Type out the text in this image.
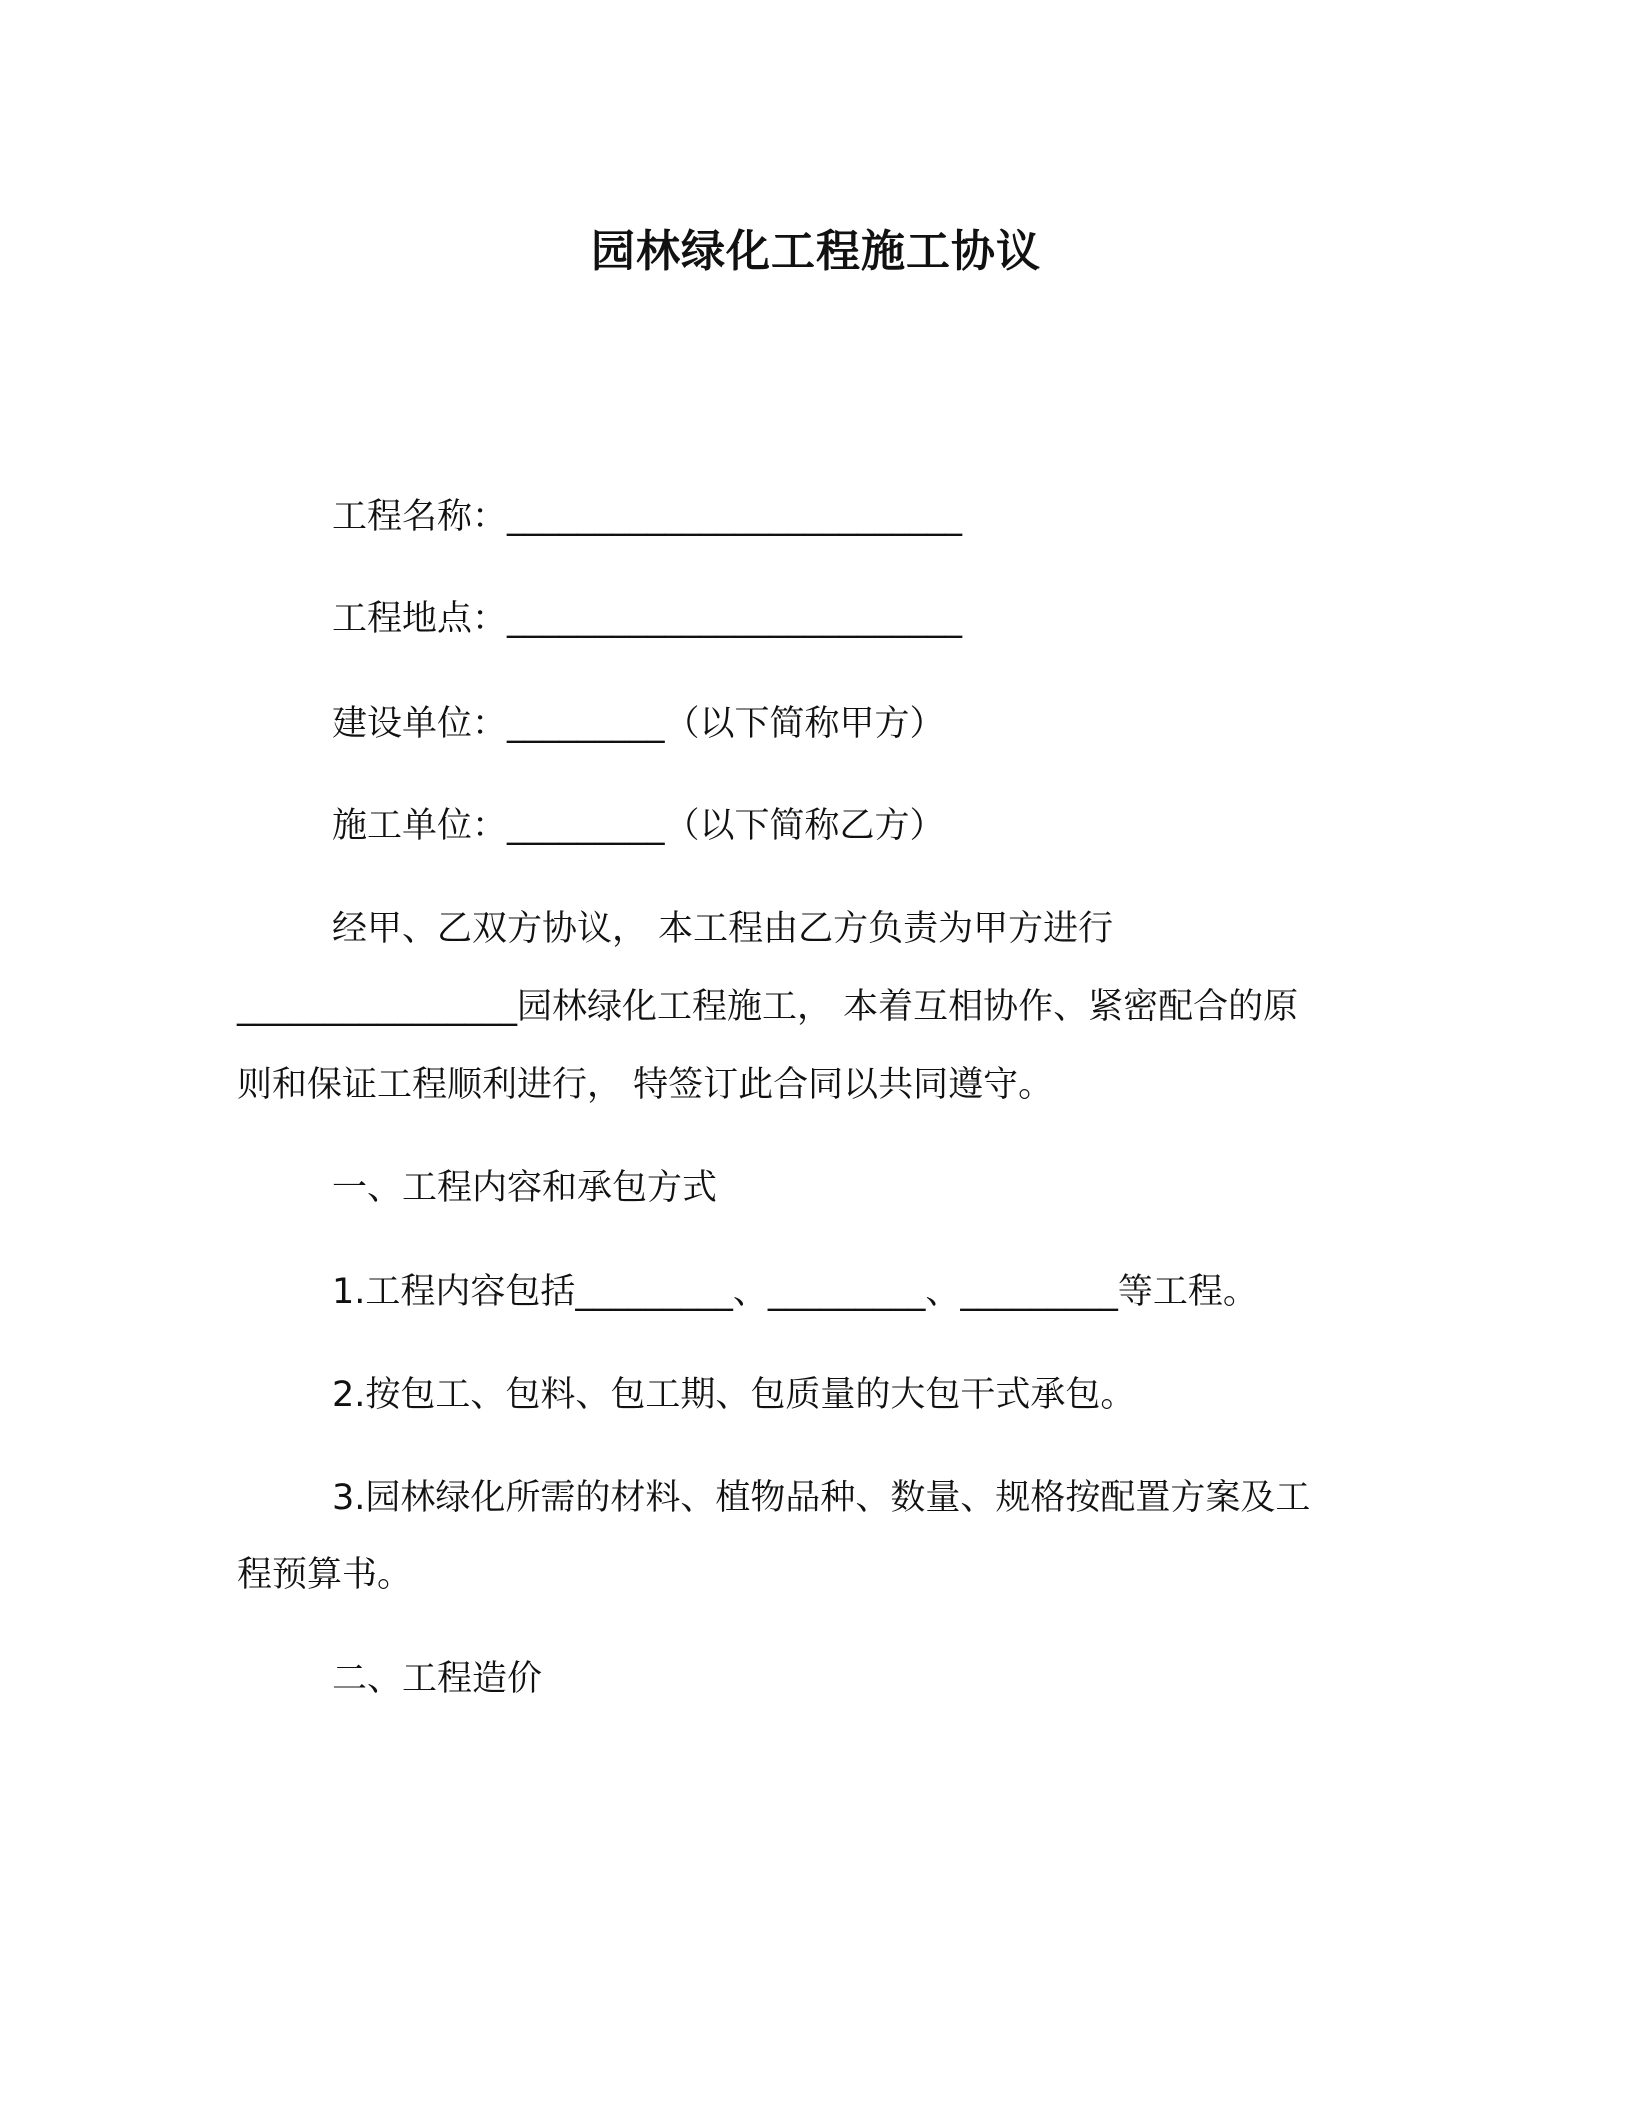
园林绿化工程施工协议
工程名称：__________________________
工程地点：__________________________
建设单位：_________（以下简称甲方）
施工单位：_________（以下简称乙方）
经甲、乙双方协议， 本工程由乙方负责为甲方进行
________________园林绿化工程施工， 本着互相协作、紧密配合的原
则和保证工程顺利进行， 特签订此合同以共同遵守。
一、工程内容和承包方式
1.工程内容包括_________、_________、_________等工程。
2.按包工、包料、包工期、包质量的大包干式承包。
3.园林绿化所需的材料、植物品种、数量、规格按配置方案及工
程预算书。
二、工程造价
